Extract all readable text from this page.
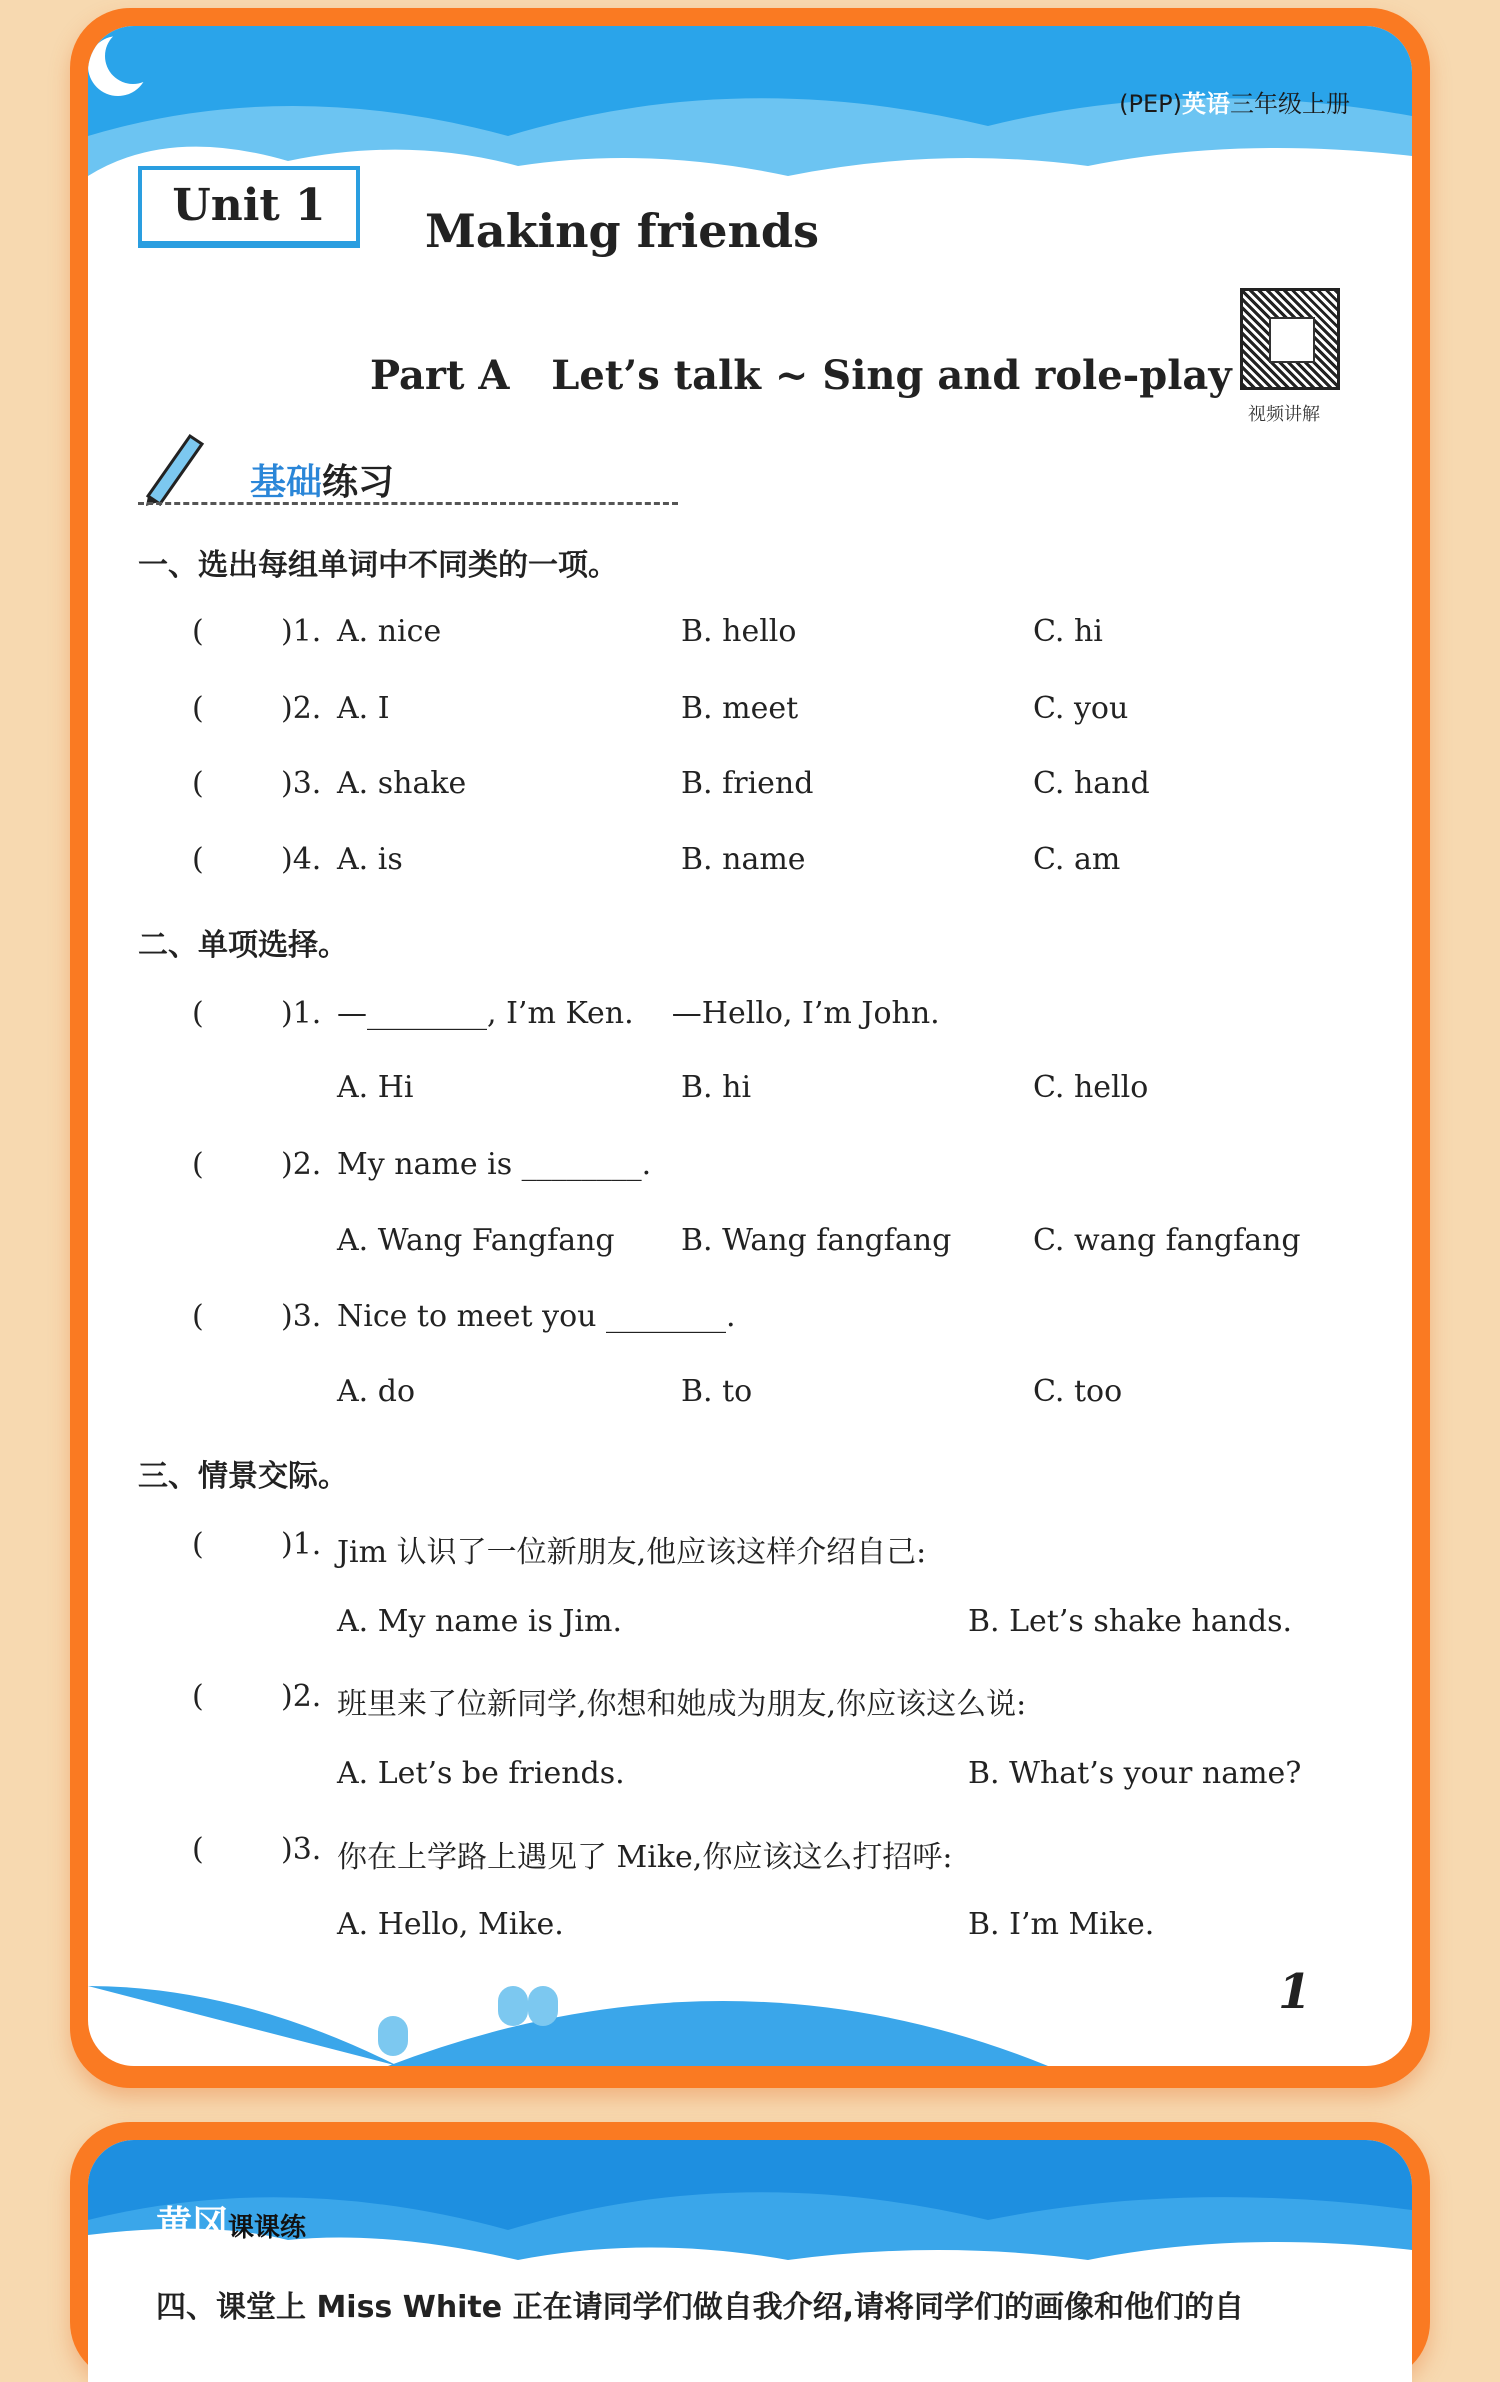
(PEP)英语三年级上册
Unit 1	Making friends
Part A   Let’s talk ~ Sing and role-play
视频讲解
基础练习
一、选出每组单词中不同类的一项。
(	)1. A. nice	B. hello	C. hi
(	)2. A. I	B. meet	C. you
(	)3. A. shake	B. friend	C. hand
(	)4. A. is	B. name	C. am
二、单项选择。
(	)1. —________, I’m Ken.    —Hello, I’m John.
A. Hi	B. hi	C. hello
(	)2. My name is ________.
A. Wang Fangfang B. Wang fangfang	C. wang fangfang
(	)3. Nice to meet you ________.
A. do	B. to	C. too
三、情景交际。
(	)1. Jim 认识了一位新朋友,他应该这样介绍自己:
A. My name is Jim.	B. Let’s shake hands.
(	)2. 班里来了位新同学,你想和她成为朋友,你应该这么说:
A. Let’s be friends.	B. What’s your name?
(	)3. 你在上学路上遇见了 Mike,你应该这么打招呼:
A. Hello, Mike.	B. I’m Mike.
1
黄冈课课练
四、课堂上 Miss White 正在请同学们做自我介绍,请将同学们的画像和他们的自
